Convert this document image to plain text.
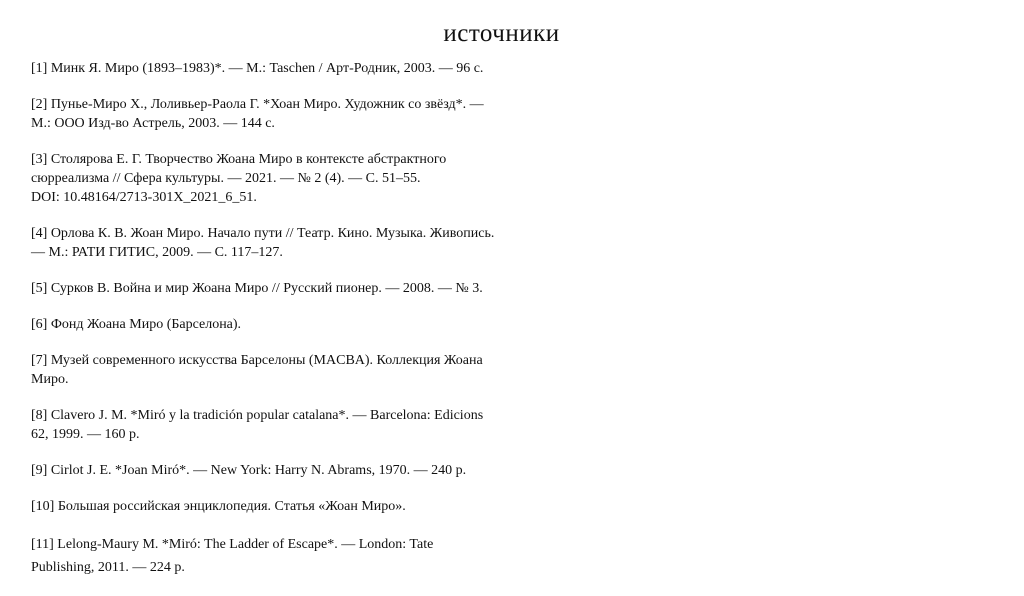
источники
[1] Минк Я. Миро (1893–1983)*. — М.: Taschen / Арт-Родник, 2003. — 96 с.
[2] Пунье-Миро Х., Лоливьер-Раола Г. *Хоан Миро. Художник со звёзд*. —
М.: ООО Изд-во Астрель, 2003. — 144 с.
[3] Столярова Е. Г. Творчество Жоана Миро в контексте абстрактного
сюрреализма // Сфера культуры. — 2021. — № 2 (4). — С. 51–55.
DOI: 10.48164/2713-301X_2021_6_51.
[4] Орлова К. В. Жоан Миро. Начало пути // Театр. Кино. Музыка. Живопись.
— М.: РАТИ ГИТИС, 2009. — С. 117–127.
[5] Сурков В. Война и мир Жоана Миро // Русский пионер. — 2008. — № 3.
[6] Фонд Жоана Миро (Барселона).
[7] Музей современного искусства Барселоны (MACBA). Коллекция Жоана
Миро.
[8] Clavero J. M. *Miró y la tradición popular catalana*. — Barcelona: Edicions
62, 1999. — 160 p.
[9] Cirlot J. E. *Joan Miró*. — New York: Harry N. Abrams, 1970. — 240 p.
[10] Большая российская энциклопедия. Статья «Жоан Миро».
[11] Lelong-Maury M. *Miró: The Ladder of Escape*. — London: Tate
Publishing, 2011. — 224 p.
